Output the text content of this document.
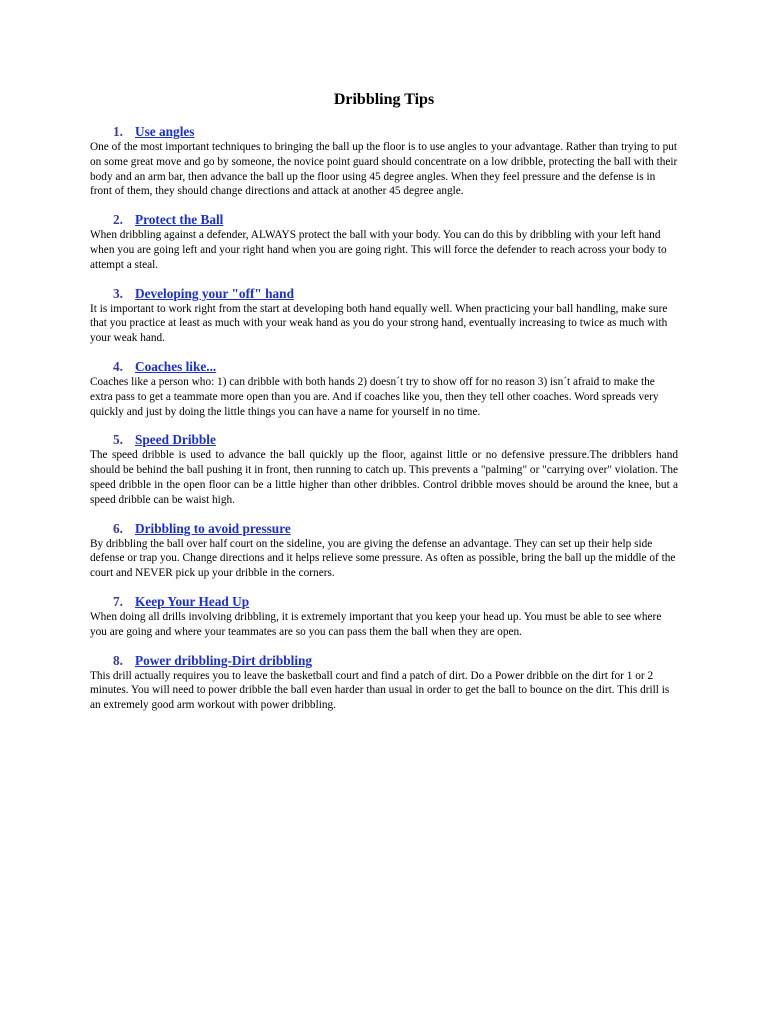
Dribbling Tips
1. Use angles

One of the most important techniques to bringing the ball up the floor is to use angles to your advantage. Rather than trying to put on some great move and go by someone, the novice point guard should concentrate on a low dribble, protecting the ball with their body and an arm bar, then advance the ball up the floor using 45 degree angles. When they feel pressure and the defense is in front of them, they should change directions and attack at another 45 degree angle.

2. Protect the Ball

When dribbling against a defender, ALWAYS protect the ball with your body. You can do this by dribbling with your left hand when you are going left and your right hand when you are going right. This will force the defender to reach across your body to attempt a steal.

3. Developing your "off" hand

It is important to work right from the start at developing both hand equally well. When practicing your ball handling, make sure that you practice at least as much with your weak hand as you do your strong hand, eventually increasing to twice as much with your weak hand.

4. Coaches like...

Coaches like a person who: 1) can dribble with both hands 2) doesn´t try to show off for no reason 3) isn´t afraid to make the extra pass to get a teammate more open than you are. And if coaches like you, then they tell other coaches. Word spreads very quickly and just by doing the little things you can have a name for yourself in no time.

5. Speed Dribble

The speed dribble is used to advance the ball quickly up the floor, against little or no defensive pressure.The dribblers hand should be behind the ball pushing it in front, then running to catch up. This prevents a "palming" or "carrying over" violation. The speed dribble in the open floor can be a little higher than other dribbles. Control dribble moves should be around the knee, but a speed dribble can be waist high.

6. Dribbling to avoid pressure

By dribbling the ball over half court on the sideline, you are giving the defense an advantage. They can set up their help side defense or trap you. Change directions and it helps relieve some pressure. As often as possible, bring the ball up the middle of the court and NEVER pick up your dribble in the corners.

7. Keep Your Head Up

When doing all drills involving dribbling, it is extremely important that you keep your head up. You must be able to see where you are going and where your teammates are so you can pass them the ball when they are open.

8. Power dribbling-Dirt dribbling

This drill actually requires you to leave the basketball court and find a patch of dirt. Do a Power dribble on the dirt for 1 or 2 minutes. You will need to power dribble the ball even harder than usual in order to get the ball to bounce on the dirt. This drill is an extremely good arm workout with power dribbling.
